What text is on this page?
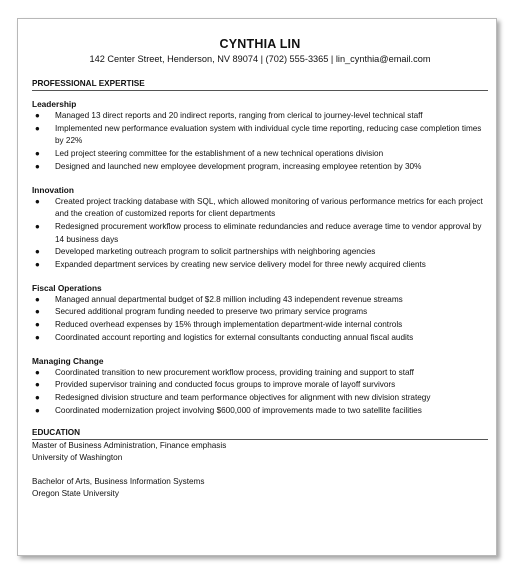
CYNTHIA LIN
142 Center Street, Henderson, NV 89074 | (702) 555-3365 | lin_cynthia@email.com
PROFESSIONAL EXPERTISE
Leadership
● Managed 13 direct reports and 20 indirect reports, ranging from clerical to journey-level technical staff
● Implemented new performance evaluation system with individual cycle time reporting, reducing case completion times by 22%
● Led project steering committee for the establishment of a new technical operations division
● Designed and launched new employee development program, increasing employee retention by 30%
Innovation
● Created project tracking database with SQL, which allowed monitoring of various performance metrics for each project and the creation of customized reports for client departments
● Redesigned procurement workflow process to eliminate redundancies and reduce average time to vendor approval by 14 business days
● Developed marketing outreach program to solicit partnerships with neighboring agencies
● Expanded department services by creating new service delivery model for three newly acquired clients
Fiscal Operations
● Managed annual departmental budget of $2.8 million including 43 independent revenue streams
● Secured additional program funding needed to preserve two primary service programs
● Reduced overhead expenses by 15% through implementation department-wide internal controls
● Coordinated account reporting and logistics for external consultants conducting annual fiscal audits
Managing Change
● Coordinated transition to new procurement workflow process, providing training and support to staff
● Provided supervisor training and conducted focus groups to improve morale of layoff survivors
● Redesigned division structure and team performance objectives for alignment with new division strategy
● Coordinated modernization project involving $600,000 of improvements made to two satellite facilities
EDUCATION
Master of Business Administration, Finance emphasis
University of Washington
Bachelor of Arts, Business Information Systems
Oregon State University
